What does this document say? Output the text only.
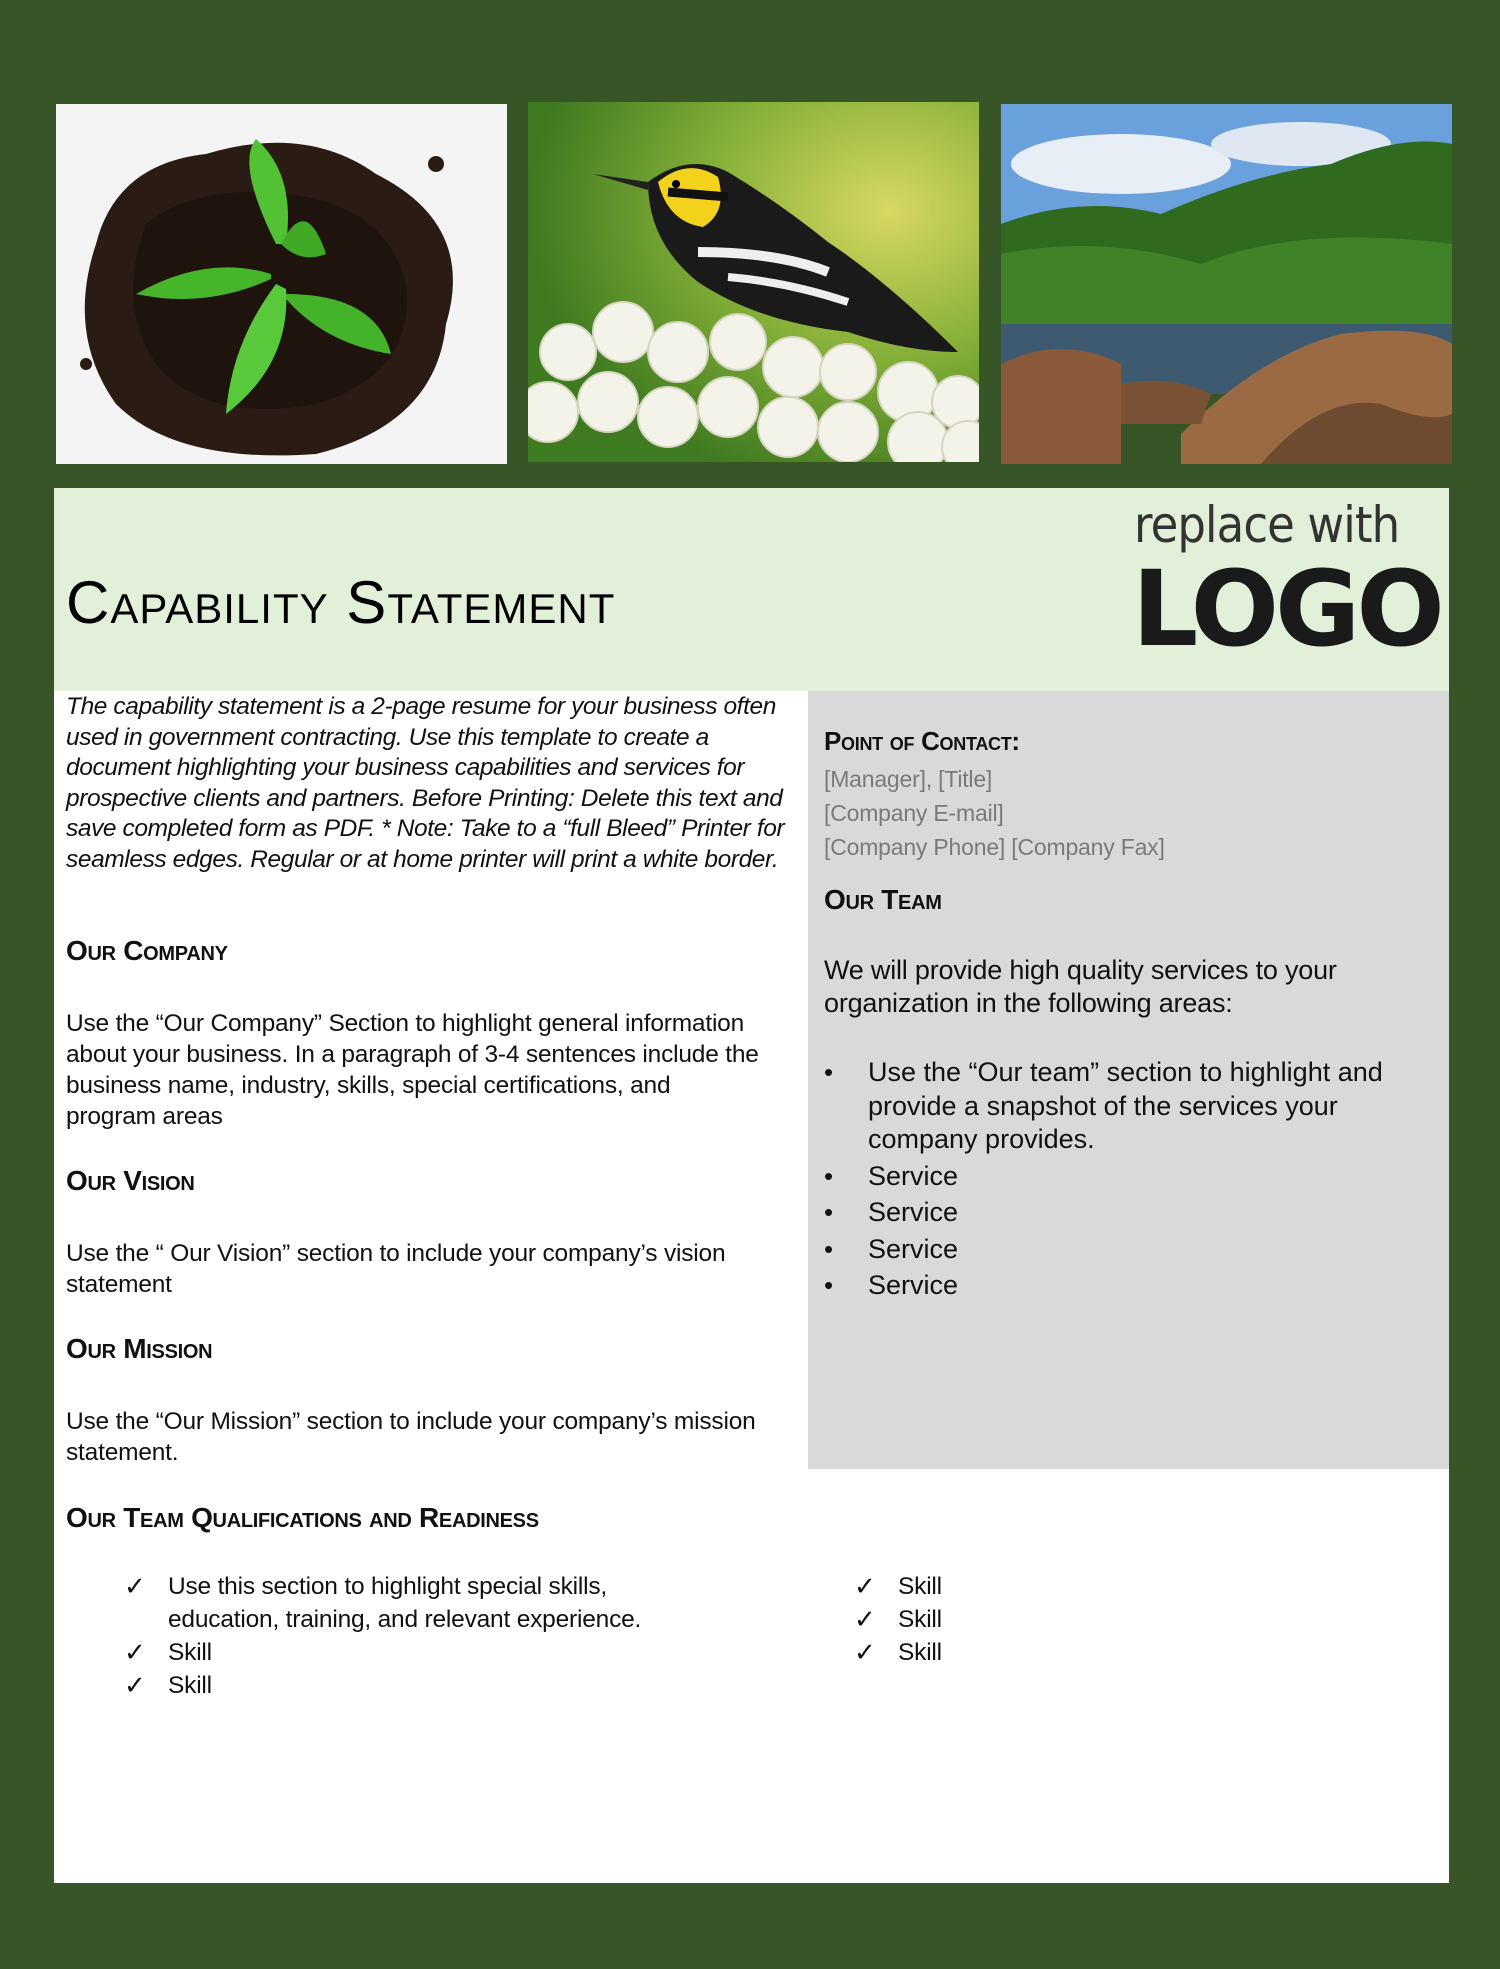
Capability Statement
replace with
LOGO
The capability statement is a 2-page resume for your business often used in government contracting. Use this template to create a document highlighting your business capabilities and services for prospective clients and partners. Before Printing: Delete this text and save completed form as PDF. * Note: Take to a “full Bleed” Printer for seamless edges. Regular or at home printer will print a white border.
Our Company
Use the “Our Company” Section to highlight general information about your business. In a paragraph of 3-4 sentences include the business name, industry, skills, special certifications, and program areas
Our Vision
Use the “ Our Vision” section to include your company’s vision statement
Our Mission
Use the “Our Mission” section to include your company’s mission statement.
Point of Contact:
[Manager], [Title]
[Company E-mail]
[Company Phone] [Company Fax]
Our Team
We will provide high quality services to your organization in the following areas:
• Use the “Our team” section to highlight and provide a snapshot of the services your company provides.
• Service
• Service
• Service
• Service
Our Team Qualifications and Readiness
✓ Use this section to highlight special skills, education, training, and relevant experience.
✓ Skill
✓ Skill
✓ Skill
✓ Skill
✓ Skill
